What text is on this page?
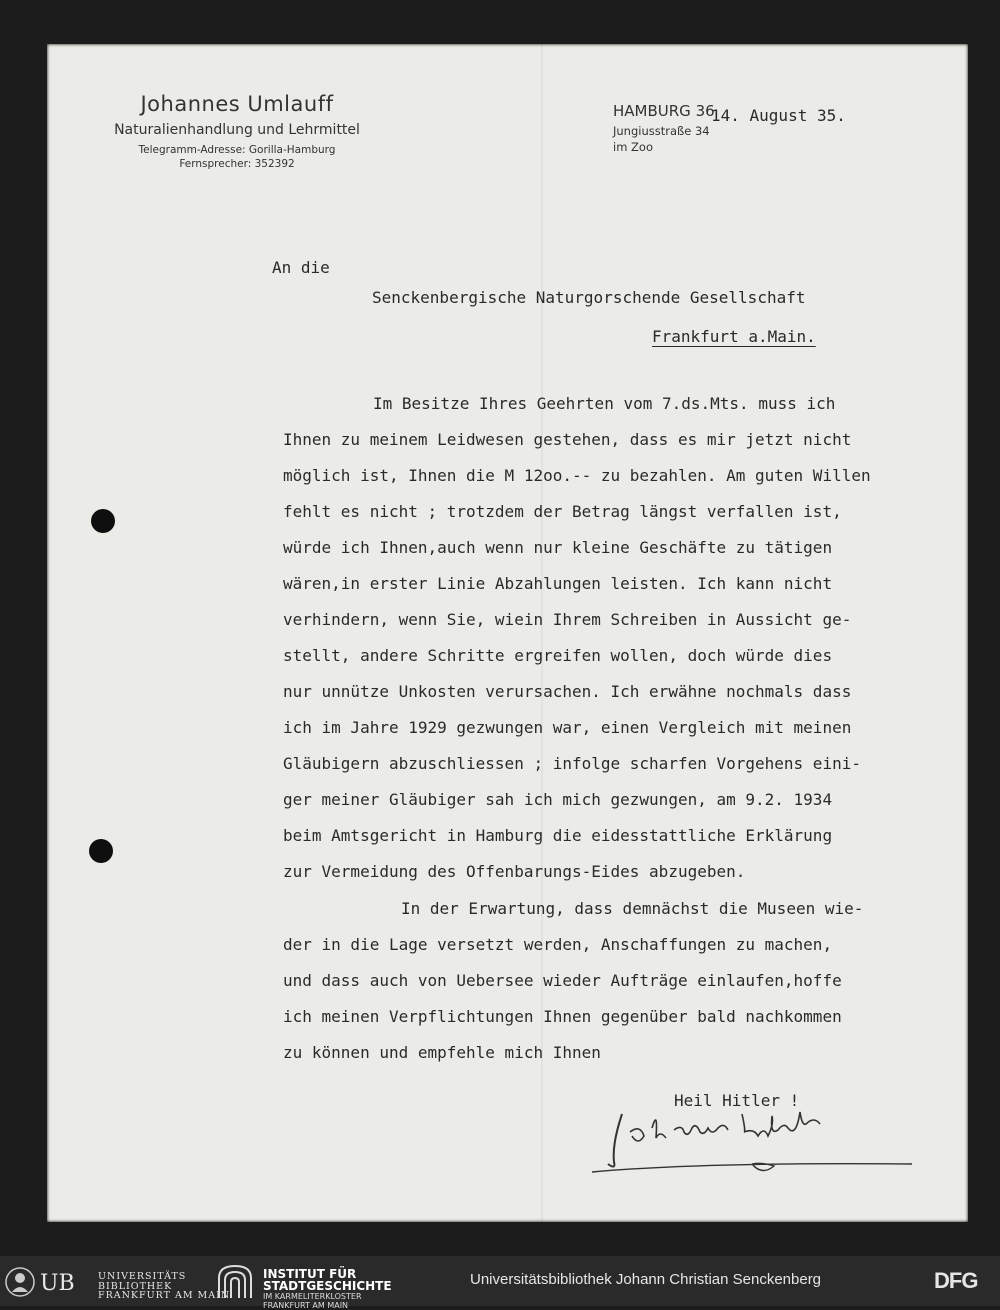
Johannes Umlauff
Naturalienhandlung und Lehrmittel
Telegramm-Adresse: Gorilla-Hamburg
Fernsprecher: 352392
HAMBURG 36
Jungiusstraße 34
im Zoo
14. August 35.
An die
Senckenbergische Naturgorschende Gesellschaft
Frankfurt a.Main.
Im Besitze Ihres Geehrten vom 7.ds.Mts. muss ich
Ihnen zu meinem Leidwesen gestehen, dass es mir jetzt nicht
möglich ist, Ihnen die M 12oo.-- zu bezahlen. Am guten Willen
fehlt es nicht ; trotzdem der Betrag längst verfallen ist,
würde ich Ihnen,auch wenn nur kleine Geschäfte zu tätigen
wären,in erster Linie Abzahlungen leisten. Ich kann nicht
verhindern, wenn Sie, wiein Ihrem Schreiben in Aussicht ge-
stellt, andere Schritte ergreifen wollen, doch würde dies
nur unnütze Unkosten verursachen. Ich erwähne nochmals dass
ich im Jahre 1929 gezwungen war, einen Vergleich mit meinen
Gläubigern abzuschliessen ; infolge scharfen Vorgehens eini-
ger meiner Gläubiger sah ich mich gezwungen, am 9.2. 1934
beim Amtsgericht in Hamburg die eidesstattliche Erklärung
zur Vermeidung des Offenbarungs-Eides abzugeben.
In der Erwartung, dass demnächst die Museen wie-
der in die Lage versetzt werden, Anschaffungen zu machen,
und dass auch von Uebersee wieder Aufträge einlaufen,hoffe
ich meinen Verpflichtungen Ihnen gegenüber bald nachkommen
zu können und empfehle mich Ihnen
Heil Hitler !
UB UNIVERSITÄTS
BIBLIOTHEK
FRANKFURT AM MAIN
INSTITUT FÜR
STADTGESCHICHTE
IM KARMELITERKLOSTER
FRANKFURT AM MAIN
Universitätsbibliothek Johann Christian Senckenberg	DFG
